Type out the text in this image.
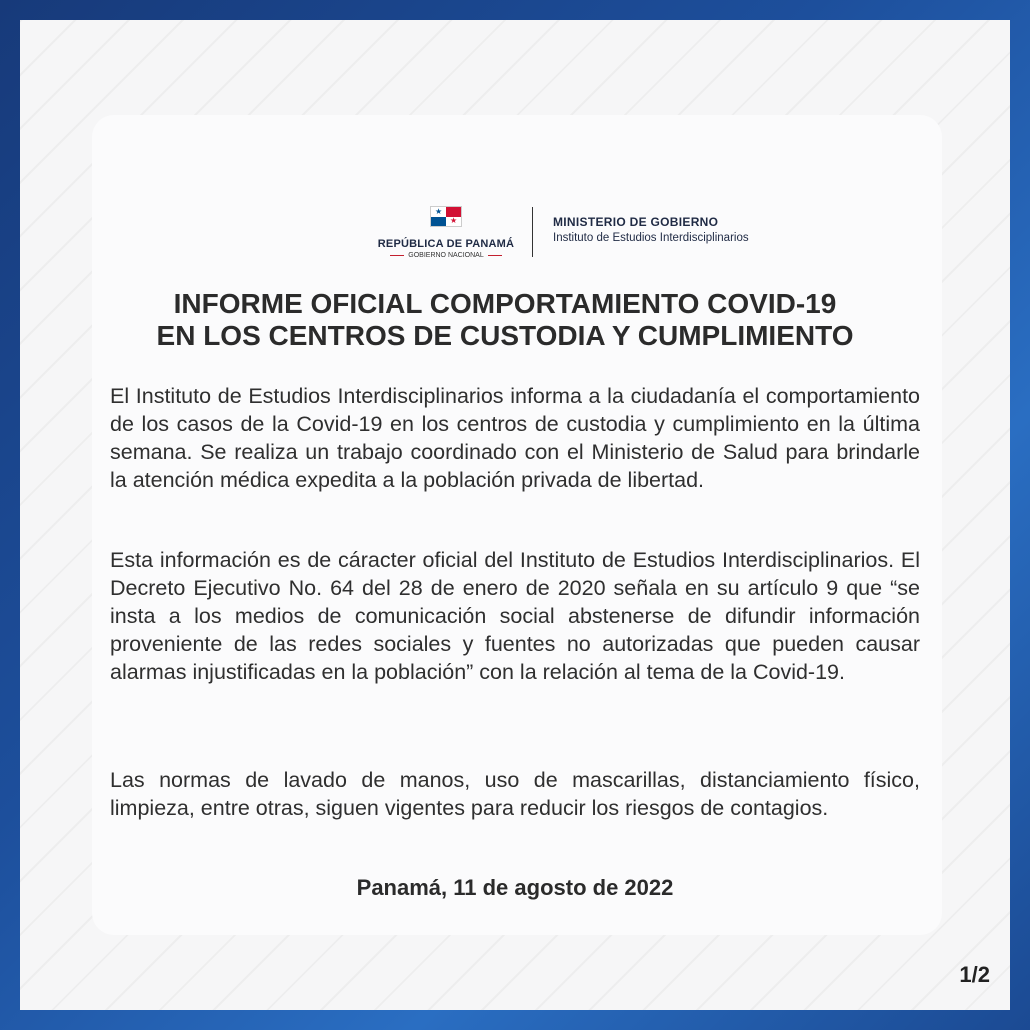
★
★
REPÚBLICA DE PANAMÁ
GOBIERNO NACIONAL
MINISTERIO DE GOBIERNO
Instituto de Estudios Interdisciplinarios
INFORME OFICIAL COMPORTAMIENTO COVID-19
EN LOS CENTROS DE CUSTODIA Y CUMPLIMIENTO
El Instituto de Estudios Interdisciplinarios informa a la ciudadanía el comportamiento de los casos de la Covid-19 en los centros de custodia y cumplimiento en la última semana. Se realiza un trabajo coordinado con el Ministerio de Salud para brindarle la atención médica expedita a la población privada de libertad.
Esta información es de cáracter oficial del Instituto de Estudios Interdisciplinarios. El Decreto Ejecutivo No. 64 del 28 de enero de 2020 señala en su artículo 9 que “se insta a los medios de comunicación social abstenerse de difundir información proveniente de las redes sociales y fuentes no autorizadas que pueden causar alarmas injustificadas en la población” con la relación al tema de la Covid-19.
Las normas de lavado de manos, uso de mascarillas, distanciamiento físico, limpieza, entre otras, siguen vigentes para reducir los riesgos de contagios.
Panamá, 11 de agosto de 2022
1/2
